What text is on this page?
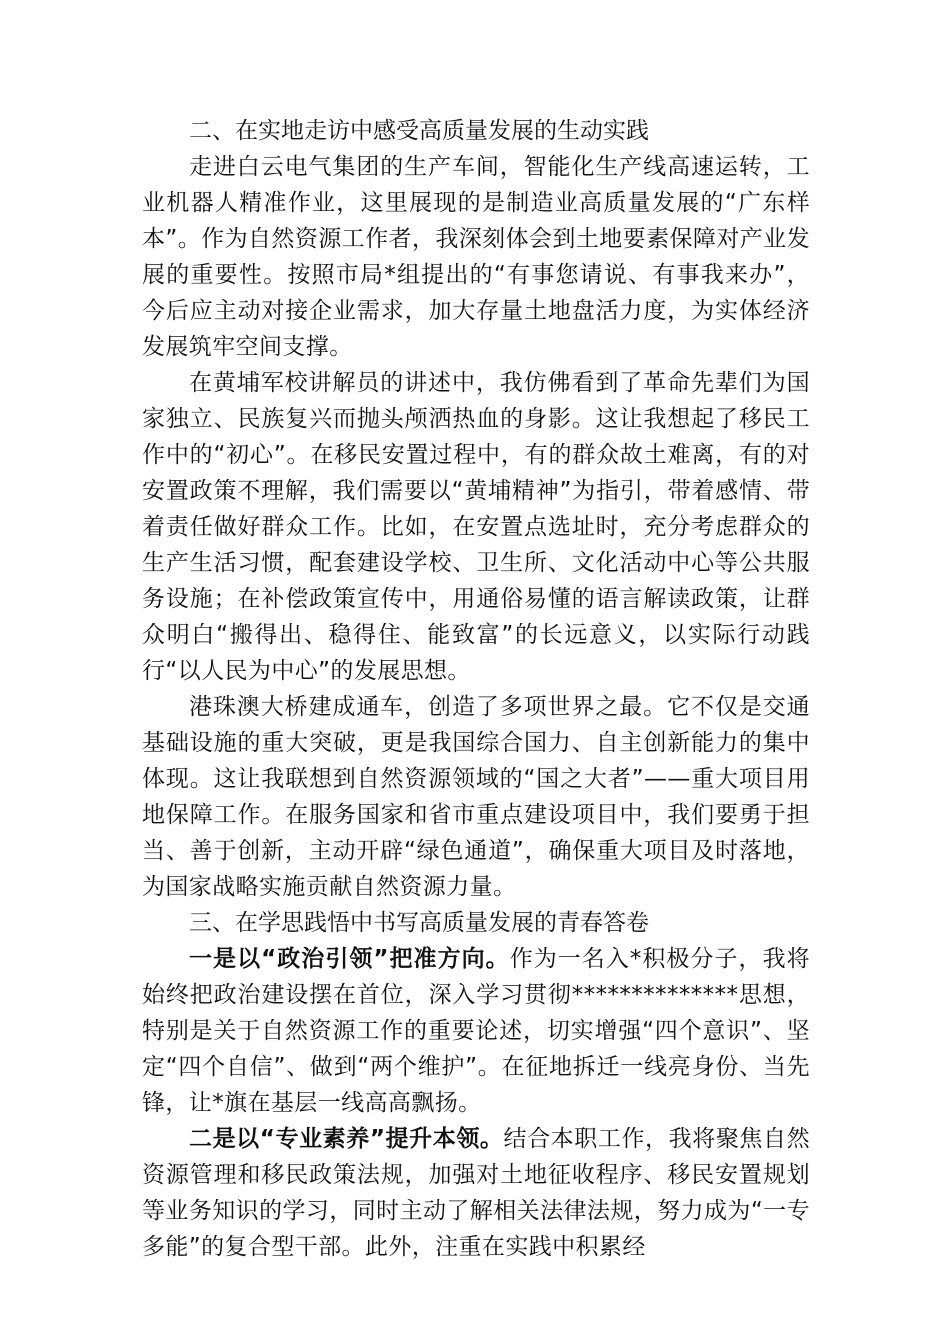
二、在实地走访中感受高质量发展的生动实践

走进白云电气集团的生产车间，智能化生产线高速运转，工业机器人精准作业，这里展现的是制造业高质量发展的“广东样本”。作为自然资源工作者，我深刻体会到土地要素保障对产业发展的重要性。按照市局*组提出的“有事您请说、有事我来办”，今后应主动对接企业需求，加大存量土地盘活力度，为实体经济发展筑牢空间支撑。

在黄埔军校讲解员的讲述中，我仿佛看到了革命先辈们为国家独立、民族复兴而抛头颅洒热血的身影。这让我想起了移民工作中的“初心”。在移民安置过程中，有的群众故土难离，有的对安置政策不理解，我们需要以“黄埔精神”为指引，带着感情、带着责任做好群众工作。比如，在安置点选址时，充分考虑群众的生产生活习惯，配套建设学校、卫生所、文化活动中心等公共服务设施；在补偿政策宣传中，用通俗易懂的语言解读政策，让群众明白“搬得出、稳得住、能致富”的长远意义，以实际行动践行“以人民为中心”的发展思想。

港珠澳大桥建成通车，创造了多项世界之最。它不仅是交通基础设施的重大突破，更是我国综合国力、自主创新能力的集中体现。这让我联想到自然资源领域的“国之大者”——重大项目用地保障工作。在服务国家和省市重点建设项目中，我们要勇于担当、善于创新，主动开辟“绿色通道”，确保重大项目及时落地，为国家战略实施贡献自然资源力量。

三、在学思践悟中书写高质量发展的青春答卷

一是以“政治引领”把准方向。作为一名入*积极分子，我将始终把政治建设摆在首位，深入学习贯彻**************思想，特别是关于自然资源工作的重要论述，切实增强“四个意识”、坚定“四个自信”、做到“两个维护”。在征地拆迁一线亮身份、当先锋，让*旗在基层一线高高飘扬。

二是以“专业素养”提升本领。结合本职工作，我将聚焦自然资源管理和移民政策法规，加强对土地征收程序、移民安置规划等业务知识的学习，同时主动了解相关法律法规，努力成为“一专多能”的复合型干部。此外，注重在实践中积累经
